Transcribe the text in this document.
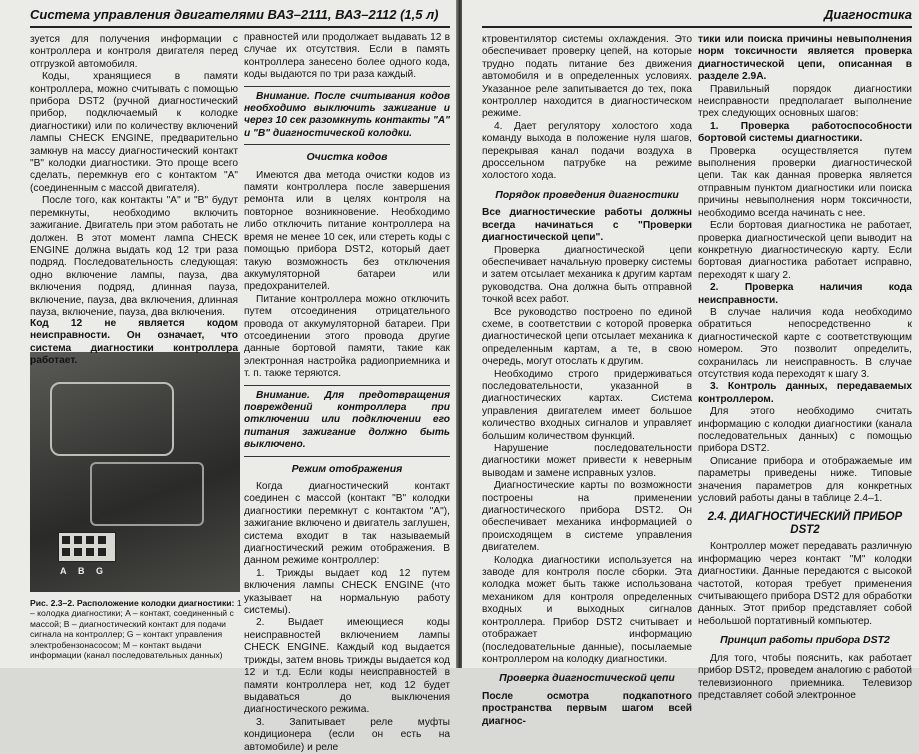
Система управления двигателями ВАЗ–2111, ВАЗ–2112 (1,5 л)

зуется для получения информации с контроллера и контроля двигателя перед отгрузкой автомобиля.

Коды, хранящиеся в памяти контроллера, можно считывать с помощью прибора DST2 (ручной диагностический прибор, подключаемый к колодке диагностики) или по количеству включений лампы CHECK ENGINE, предварительно замкнув на массу диагностический контакт "B" колодки диагностики. Это проще всего сделать, перемкнув его с контактом "A" (соединенным с массой двигателя).

После того, как контакты "A" и "B" будут перемкнуты, необходимо включить зажигание. Двигатель при этом работать не должен. В этот момент лампа CHECK ENGINE должна выдать код 12 три раза подряд. Последовательность следующая: одно включение лампы, пауза, два включения подряд, длинная пауза, включение, пауза, два включения, длинная пауза, включение, пауза, два включения.

A B G
Рис. 2.3–2. Расположение колодки диагностики: 1 – колодка диагностики; A – контакт, соединенный с массой; B – диагностический контакт для подачи сигнала на контроллер; G – контакт управления электробензонасосом; M – контакт выдачи информации (канал последовательных данных)

правностей или продолжает выдавать 12 в случае их отсутствия. Если в память контроллера занесено более одного кода, коды выдаются по три раза каждый.

Внимание. После считывания кодов необходимо выключить зажигание и через 10 сек разомкнуть контакты "A" и "B" диагностической колодки.

Очистка кодов

Имеются два метода очистки кодов из памяти контроллера после завершения ремонта или в целях контроля на повторное возникновение. Необходимо либо отключить питание контроллера на время не менее 10 сек, или стереть коды с помощью прибора DST2, который дает такую возможность без отключения аккумуляторной батареи или предохранителей.

Питание контроллера можно отключить путем отсоединения отрицательного провода от аккумуляторной батареи. При отсоединении этого провода другие данные бортовой памяти, такие как электронная настройка радиоприемника и т. п. также теряются.

Внимание. Для предотвращения повреждений контроллера при отключении или подключении его питания зажигание должно быть выключено.

Режим отображения

Когда диагностический контакт соединен с массой (контакт "B" колодки диагностики перемкнут с контактом "A"), зажигание включено и двигатель заглушен, система входит в так называемый диагностический режим отображения. В данном режиме контроллер:

1. Трижды выдает код 12 путем включения лампы CHECK ENGINE (что указывает на нормальную работу системы).

2. Выдает имеющиеся коды неисправностей включением лампы CHECK ENGINE. Каждый код выдается трижды, затем вновь трижды выдается код 12 и т.д. Если коды неисправностей в памяти контроллера нет, код 12 будет выдаваться до выключения диагностического режима.

3. Запитывает реле муфты кондиционера (если он есть на автомобиле) и реле

Код 12 не является кодом неисправности. Он означает, что система диагностики контроллера работает.

Диагностика

ктровентилятор системы охлаждения. Это обеспечивает проверку цепей, на которые трудно подать питание без движения автомобиля и в определенных условиях. Указанное реле запитывается до тех, пока контроллер находится в диагностическом режиме.

4. Дает регулятору холостого хода команду выхода в положение нуля шагов, перекрывая канал подачи воздуха в дроссельном патрубке на режиме холостого хода.

Порядок проведения диагностики

Все диагностические работы должны всегда начинаться с "Проверки диагностической цепи".

Проверка диагностической цепи обеспечивает начальную проверку системы и затем отсылает механика к другим картам руководства. Она должна быть отправной точкой всех работ.

Все руководство построено по единой схеме, в соответствии с которой проверка диагностической цепи отсылает механика к определенным картам, а те, в свою очередь, могут отослать к другим.

Необходимо строго придерживаться последовательности, указанной в диагностических картах. Система управления двигателем имеет большое количество входных сигналов и управляет большим количеством функций.

Нарушение последовательности диагностики может привести к неверным выводам и замене исправных узлов.

Диагностические карты по возможности построены на применении диагностического прибора DST2. Он обеспечивает механика информацией о происходящем в системе управления двигателем.

Колодка диагностики используется на заводе для контроля после сборки. Эта колодка может быть также использована механиком для контроля определенных входных и выходных сигналов контроллера. Прибор DST2 считывает и отображает информацию (последовательные данные), посылаемые контроллером на колодку диагностики.

Проверка диагностической цепи

После осмотра подкапотного пространства первым шагом всей диагнос-

тики или поиска причины невыполнения норм токсичности является проверка диагностической цепи, описанная в разделе 2.9А.

Правильный порядок диагностики неисправности предполагает выполнение трех следующих основных шагов:

1. Проверка работоспособности бортовой системы диагностики.

Проверка осуществляется путем выполнения проверки диагностической цепи. Так как данная проверка является отправным пунктом диагностики или поиска причины невыполнения норм токсичности, необходимо всегда начинать с нее.

Если бортовая диагностика не работает, проверка диагностической цепи выводит на конкретную диагностическую карту. Если бортовая диагностика работает исправно, переходят к шагу 2.

2. Проверка наличия кода неисправности.

В случае наличия кода необходимо обратиться непосредственно к диагностической карте с соответствующим номером. Это позволит определить, сохранилась ли неисправность. В случае отсутствия кода переходят к шагу 3.

3. Контроль данных, передаваемых контроллером.

Для этого необходимо считать информацию с колодки диагностики (канала последовательных данных) с помощью прибора DST2.

Описание прибора и отображаемые им параметры приведены ниже. Типовые значения параметров для конкретных условий работы даны в таблице 2.4–1.

2.4. ДИАГНОСТИЧЕСКИЙ ПРИБОР DST2

Контроллер может передавать различную информацию через контакт "M" колодки диагностики. Данные передаются с высокой частотой, которая требует применения считывающего прибора DST2 для обработки данных. Этот прибор представляет собой небольшой портативный компьютер.

Принцип работы прибора DST2

Для того, чтобы пояснить, как работает прибор DST2, проведем аналогию с работой телевизионного приемника. Телевизор представляет собой электронное
